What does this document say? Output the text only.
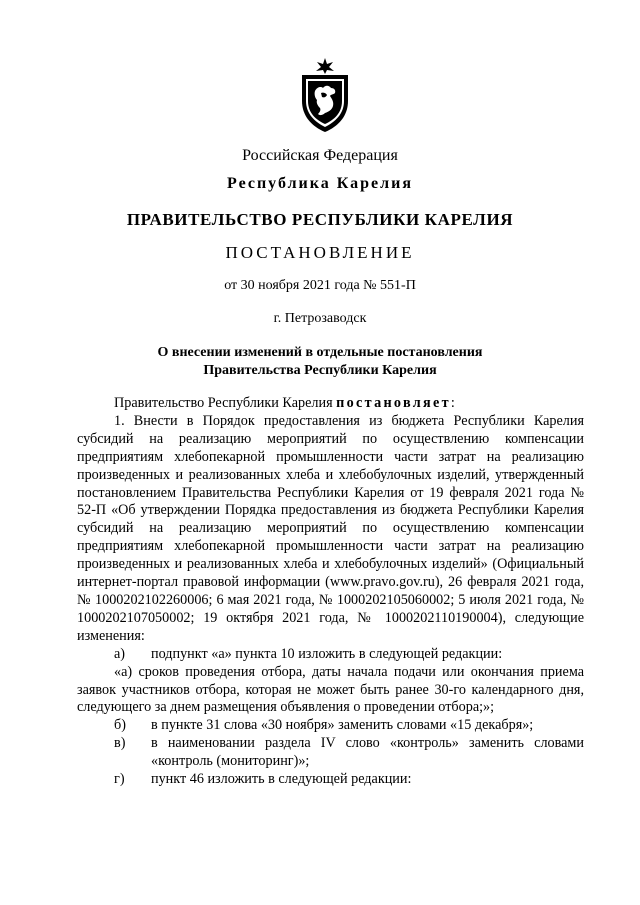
Российская Федерация
Республика Карелия
ПРАВИТЕЛЬСТВО РЕСПУБЛИКИ КАРЕЛИЯ
ПОСТАНОВЛЕНИЕ
от 30 ноября 2021 года № 551-П
г. Петрозаводск
О внесении изменений в отдельные постановления
Правительства Республики Карелия

Правительство Республики Карелия постановляет:

1. Внести в Порядок предоставления из бюджета Республики Карелия субсидий на реализацию мероприятий по осуществлению компенсации предприятиям хлебопекарной промышленности части затрат на реализацию произведенных и реализованных хлеба и хлебобулочных изделий, утвержденный постановлением Правительства Республики Карелия от 19 февраля 2021 года № 52-П «Об утверждении Порядка предоставления из бюджета Республики Карелия субсидий на реализацию мероприятий по осуществлению компенсации предприятиям хлебопекарной промышленности части затрат на реализацию произведенных и реализованных хлеба и хлебобулочных изделий» (Официальный интернет-портал правовой информации (www.pravo.gov.ru), 26 февраля 2021 года, № 1000202102260006; 6 мая 2021 года, № 1000202105060002; 5 июля 2021 года, № 1000202107050002; 19 октября 2021 года, № 1000202110190004), следующие изменения:

а)	подпункт «а» пункта 10 изложить в следующей редакции:

«а) сроков проведения отбора, даты начала подачи или окончания приема заявок участников отбора, которая не может быть ранее 30-го календарного дня, следующего за днем размещения объявления о проведении отбора;»;

б)	в пункте 31 слова «30 ноября» заменить словами «15 декабря»;
в)	в наименовании раздела IV слово «контроль» заменить словами «контроль (мониторинг)»;
г)	пункт 46 изложить в следующей редакции:
